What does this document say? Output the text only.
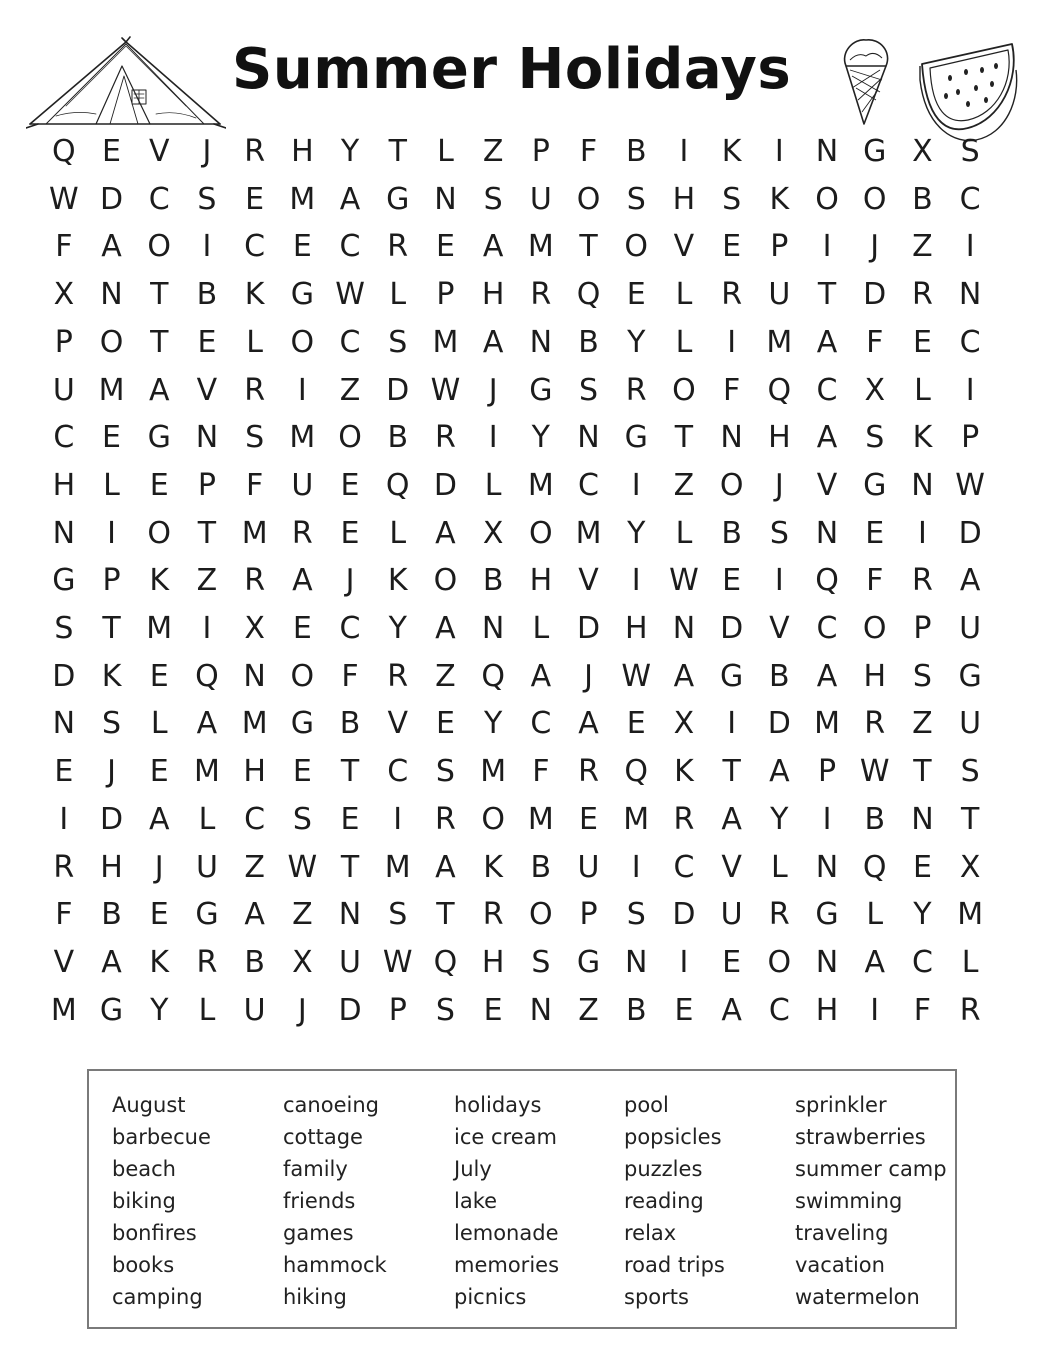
Summer Holidays
Q E V	J	R H Y T	L Z P	F B	I	K	I	N G X S
W D C S E M A G N S U O S H S K O O B C
F A O	I	C E C R E A M T O V E P	I	J	Z	I
X N T B K G W L	P H R Q E L R U T D R N
P O T E L O C S M A N B Y	L	I	M A F E C
U M A V R	I	Z D W J	G S R O F Q C X L	I
C E G N S M O B R	I	Y N G T N H A S K P
H L E P	F U E Q D L M C	I	Z O	J	V G N W
N	I	O T M R E L A X O M Y	L B S N E	I	D
G P K Z R A	J	K O B H V	I W E	I	Q F R A
S T M	I	X E C Y A N L D H N D V C O P U
D K E Q N O F R Z Q A	J W A G B A H S G
N S L A M G B V E Y C A E X	I	D M R Z U
E	J	E M H E T C S M F R Q K T A P W T S
I	D A L C S E	I	R O M E M R A Y	I	B N T
R H	J	U Z W T M A K B U	I	C V L N Q E X
F B E G A Z N S T R O P S D U R G L	Y M
V A K R B X U W Q H S G N	I	E O N A C L
M G Y	L U	J	D P S E N Z B E A C H	I	F R
August
barbecue
beach
biking
bonfires
books
camping
canoeing
cottage
family
friends
games
hammock
hiking
holidays
ice cream
July
lake
lemonade
memories
picnics
pool
popsicles
puzzles
reading
relax
road trips
sports
sprinkler
strawberries
summer camp
swimming
traveling
vacation
watermelon
